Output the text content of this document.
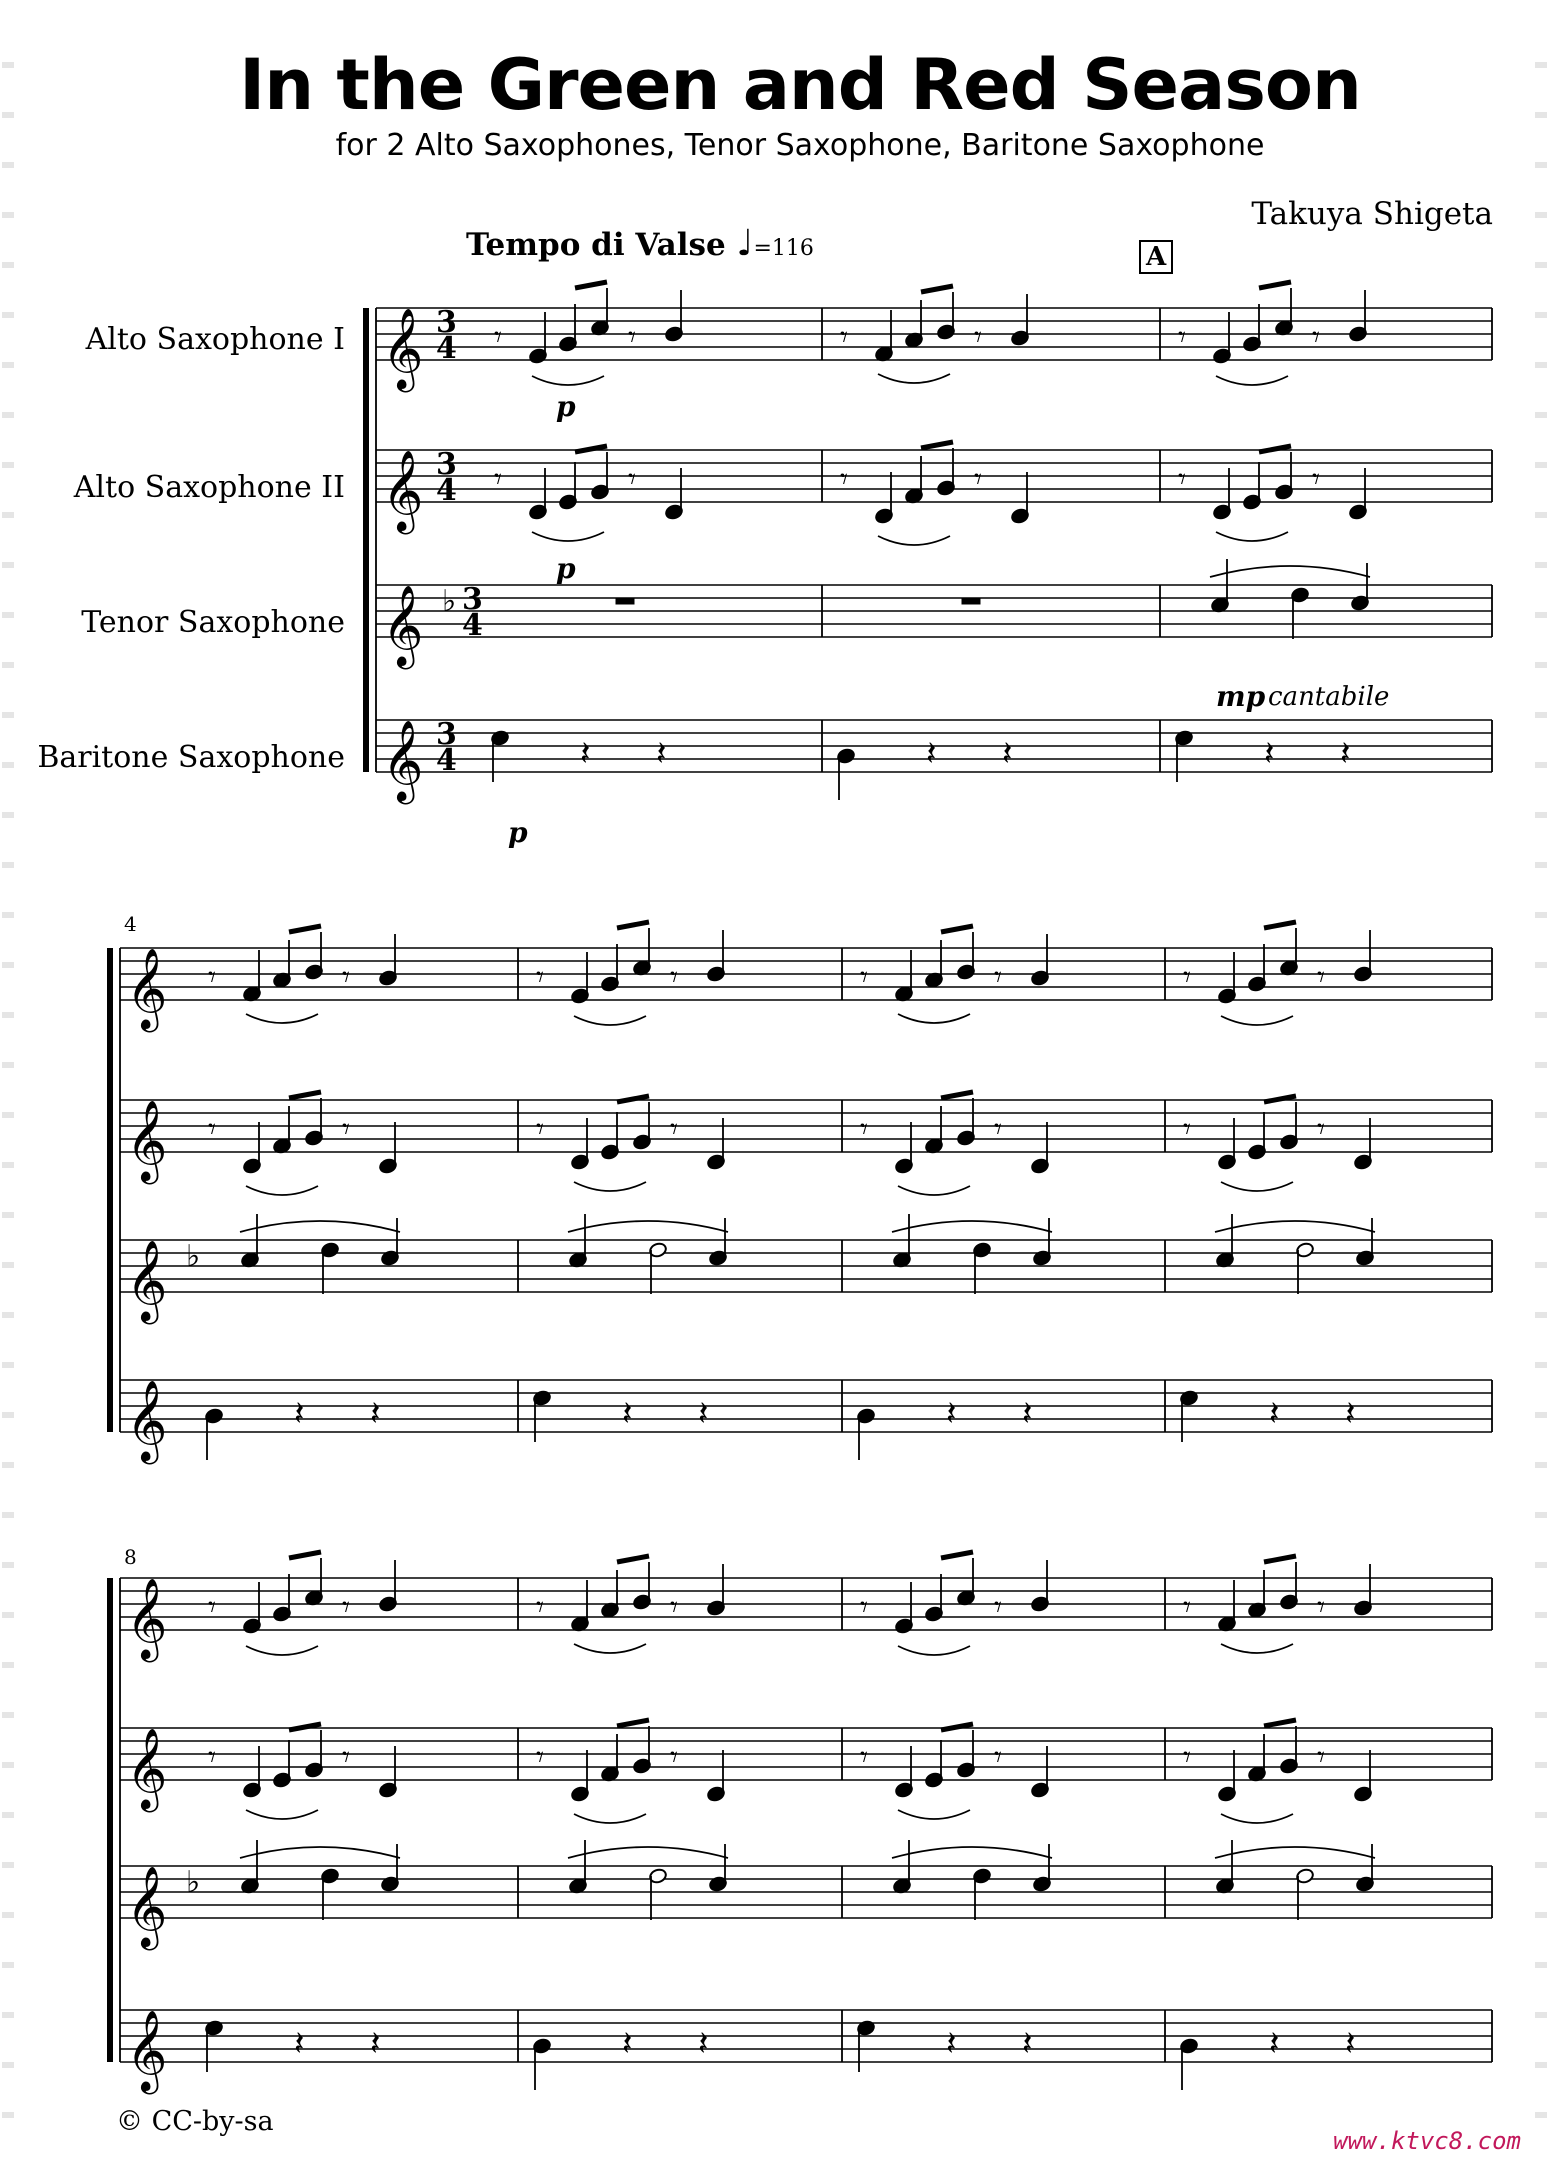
In the Green and Red Season
for 2 Alto Saxophones, Tenor Saxophone, Baritone Saxophone
Takuya Shigeta
Tempo di Valse ♩=116
Alto Saxophone I
Alto Saxophone II
Tenor Saxophone
Baritone Saxophone
A
4
8
p
p
mp cantabile
p
© CC-by-sa
www.ktvc8.com
𝄞 3
4 𝄾	𝄾	𝄾	𝄾	𝄾	𝄾
𝄞 3
4 𝄾	𝄾	𝄾	𝄾	𝄾	𝄾
𝄞 ♭ 3
4
𝄞 3
4	𝄽 𝄽	𝄽 𝄽	𝄽 𝄽
𝄞 𝄾	𝄾	𝄾	𝄾	𝄾	𝄾	𝄾	𝄾
𝄞 𝄾	𝄾	𝄾	𝄾	𝄾	𝄾	𝄾	𝄾
𝄞 ♭
𝄞	𝄽 𝄽	𝄽 𝄽	𝄽 𝄽	𝄽 𝄽
𝄞 𝄾	𝄾	𝄾	𝄾	𝄾	𝄾	𝄾	𝄾
𝄞 𝄾	𝄾	𝄾	𝄾	𝄾	𝄾	𝄾	𝄾
𝄞 ♭
𝄞	𝄽 𝄽	𝄽 𝄽	𝄽 𝄽	𝄽 𝄽
